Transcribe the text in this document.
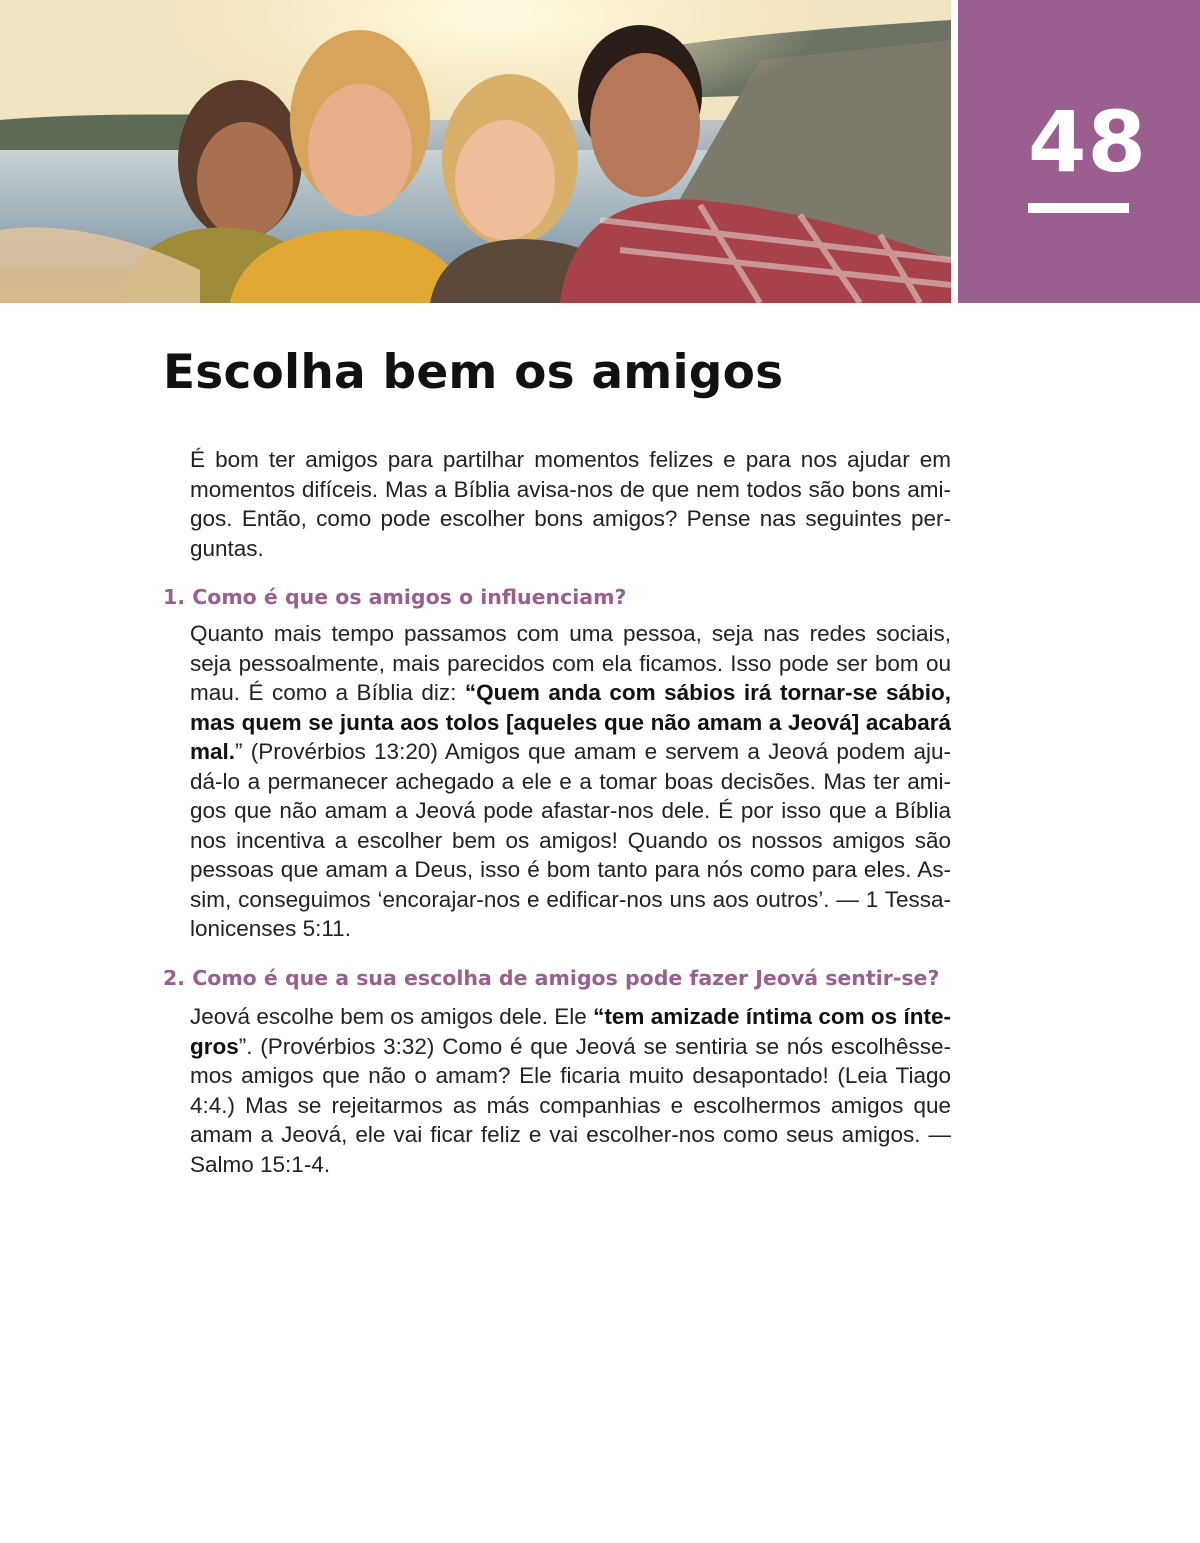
48
Escolha bem os amigos

É bom ter amigos para partilhar momentos felizes e para nos ajudar em momentos difíceis. Mas a Bíblia avisa-nos de que nem todos são bons amigos. Então, como pode escolher bons amigos? Pense nas seguintes perguntas.

1. Como é que os amigos o influenciam?

Quanto mais tempo passamos com uma pessoa, seja nas redes sociais, seja pessoalmente, mais parecidos com ela ficamos. Isso pode ser bom ou mau. É como a Bíblia diz: “Quem anda com sábios irá tornar-se sábio, mas quem se junta aos tolos [aqueles que não amam a Jeová] acabará mal.” (Provérbios 13:20) Amigos que amam e servem a Jeová podem ajudá-lo a permanecer achegado a ele e a tomar boas decisões. Mas ter amigos que não amam a Jeová pode afastar-nos dele. É por isso que a Bíblia nos incentiva a escolher bem os amigos! Quando os nossos amigos são pessoas que amam a Deus, isso é bom tanto para nós como para eles. Assim, conseguimos ‘encorajar-nos e edificar-nos uns aos outros’. — 1 Tessalonicenses 5:11.

2. Como é que a sua escolha de amigos pode fazer Jeová sentir-se?

Jeová escolhe bem os amigos dele. Ele “tem amizade íntima com os íntegros”. (Provérbios 3:32) Como é que Jeová se sentiria se nós escolhêssemos amigos que não o amam? Ele ficaria muito desapontado! (Leia Tiago 4:4.) Mas se rejeitarmos as más companhias e escolhermos amigos que amam a Jeová, ele vai ficar feliz e vai escolher-nos como seus amigos. — Salmo 15:1-4.
